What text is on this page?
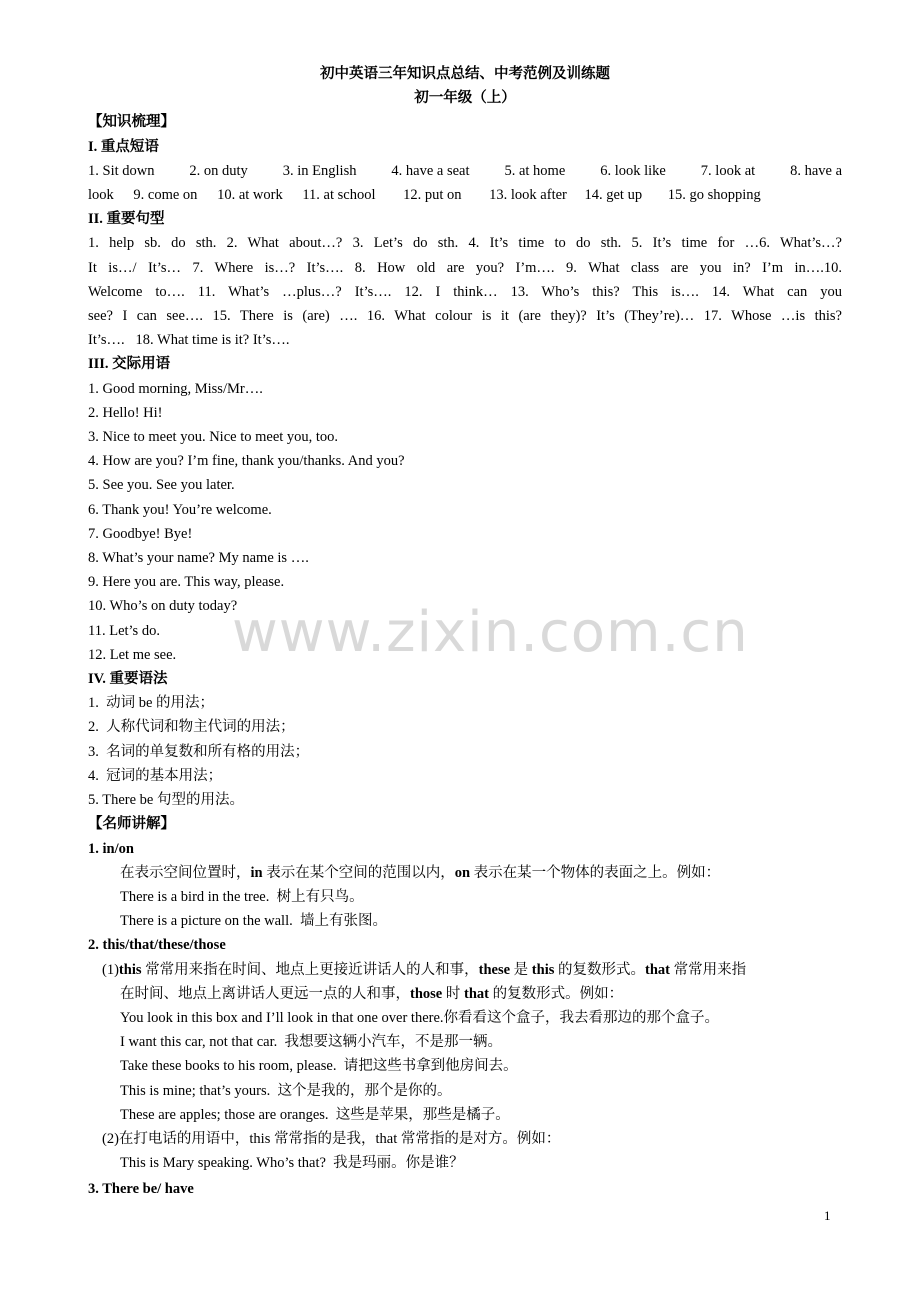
初中英语三年知识点总结、中考范例及训练题
初一年级（上）
【知识梳理】
I. 重点短语
1. Sit down 2. on duty 3. in English 4. have a seat 5. at home 6. look like 7. look at 8. have a
look 9. come on 10. at work 11. at school 12. put on 13. look after 14. get up 15. go shopping
II. 重要句型
1. help sb. do sth. 2. What about…? 3. Let’s do sth. 4. It’s time to do sth. 5. It’s time for …6. What’s…?
It is…/ It’s… 7. Where is…? It’s…. 8. How old are you? I’m…. 9. What class are you in? I’m in….10.
Welcome to…. 11. What’s …plus…? It’s…. 12. I think… 13. Who’s this? This is…. 14. What can you
see? I can see…. 15. There is (are) …. 16. What colour is it (are they)? It’s (They’re)… 17. Whose …is this?
It’s….   18. What time is it? It’s….
III. 交际用语
1. Good morning, Miss/Mr….
2. Hello! Hi!
3. Nice to meet you. Nice to meet you, too.
4. How are you? I’m fine, thank you/thanks. And you?
5. See you. See you later.
6. Thank you! You’re welcome.
7. Goodbye! Bye!
8. What’s your name? My name is ….
9. Here you are. This way, please.
10. Who’s on duty today?
11. Let’s do.
12. Let me see.
IV. 重要语法
1.  动词 be 的用法；
2.  人称代词和物主代词的用法；
3.  名词的单复数和所有格的用法；
4.  冠词的基本用法；
5. There be 句型的用法。
【名师讲解】
1. in/on
在表示空间位置时，in 表示在某个空间的范围以内，on 表示在某一个物体的表面之上。例如：
There is a bird in the tree.  树上有只鸟。
There is a picture on the wall.  墙上有张图。
2. this/that/these/those
(1)this 常常用来指在时间、地点上更接近讲话人的人和事，these 是 this 的复数形式。that 常常用来指
在时间、地点上离讲话人更远一点的人和事，those 时 that 的复数形式。例如：
You look in this box and I’ll look in that one over there.你看看这个盒子，我去看那边的那个盒子。
I want this car, not that car.  我想要这辆小汽车，不是那一辆。
Take these books to his room, please.  请把这些书拿到他房间去。
This is mine; that’s yours.  这个是我的，那个是你的。
These are apples; those are oranges.  这些是苹果，那些是橘子。
(2)在打电话的用语中，this 常常指的是我，that 常常指的是对方。例如：
This is Mary speaking. Who’s that?  我是玛丽。你是谁？
3. There be/ have
www.zixin.com.cn
1
